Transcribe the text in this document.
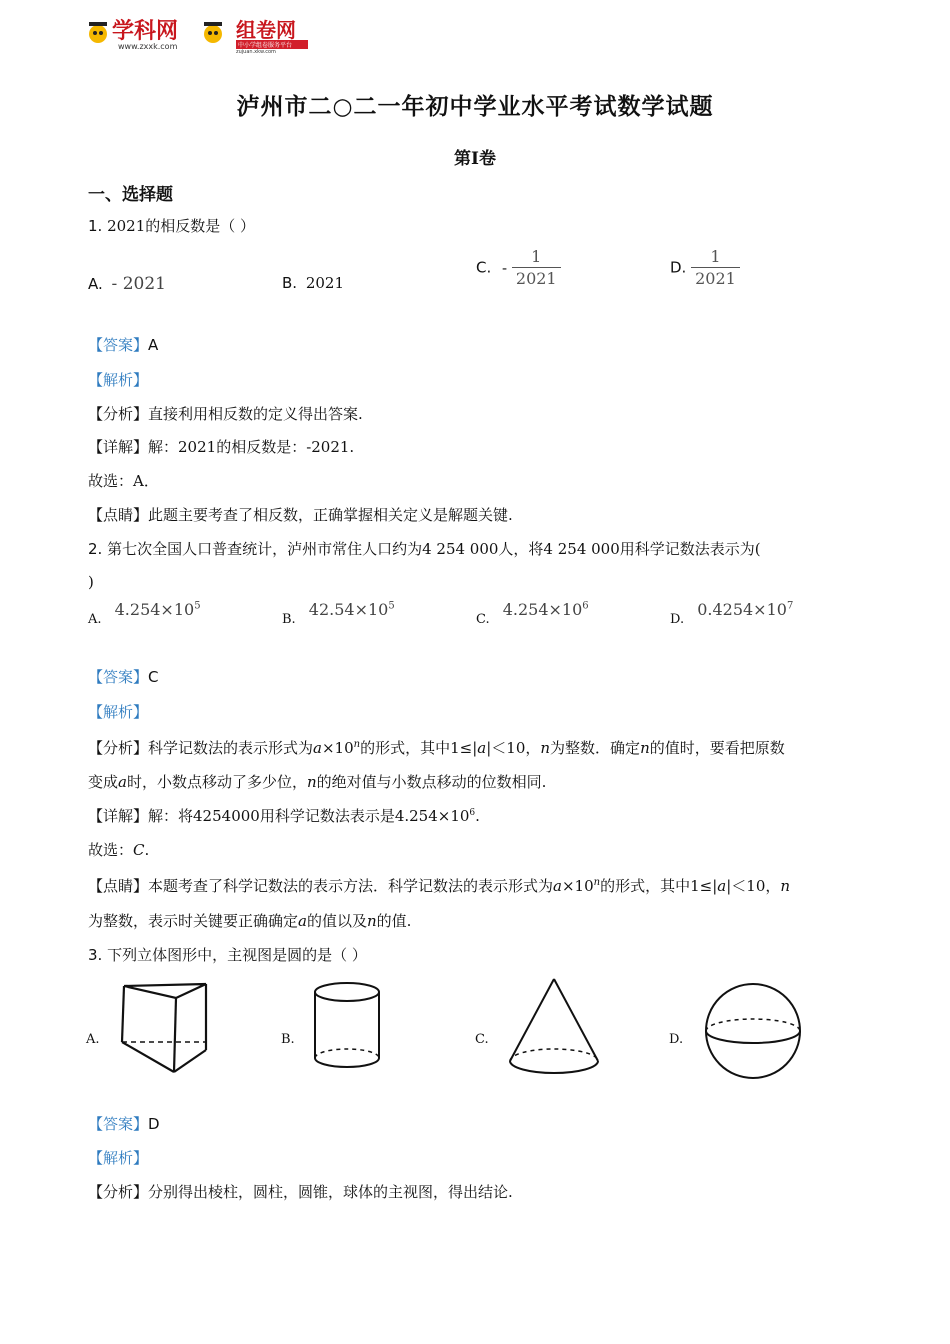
学科网
www.zxxk.com
组卷网
中小学组卷服务平台
zujuan.xkw.com
泸州市二○二一年初中学业水平考试数学试题
第Ⅰ卷
一、选择题
1. 2021的相反数是（ ）
A. - 2021	B. 2021
C. - $\frac{1}{2021}$	D. $\frac{1}{2021}$
【答案】A
【解析】
【分析】直接利用相反数的定义得出答案.
【详解】解：2021的相反数是：-2021.
故选：A．
【点睛】此题主要考查了相反数，正确掌握相关定义是解题关键.
2. 第七次全国人口普查统计，泸州市常住人口约为4 254 000人，将4 254 000用科学记数法表示为(
)
A. $4.254\times 10^5$
B. $42.54\times 10^5$
C. $4.254\times 10^6$
D. $0.4254\times 10^7$
【答案】C
【解析】
【分析】科学记数法的表示形式为$a\times 10^n$的形式，其中1≤|a|＜10，n为整数．确定n的值时，要看把原数
变成a时，小数点移动了多少位，n的绝对值与小数点移动的位数相同.
【详解】解：将4254000用科学记数法表示是$4.254\times 10^6$.
故选：C.
【点睛】本题考查了科学记数法的表示方法．科学记数法的表示形式为$a\times 10^n$的形式，其中1≤|a|＜10，n
为整数，表示时关键要正确确定a的值以及n的值.
3. 下列立体图形中，主视图是圆的是（ ）
A.	B.	C.	D.
【答案】D
【解析】
【分析】分别得出棱柱，圆柱，圆锥，球体的主视图，得出结论.
